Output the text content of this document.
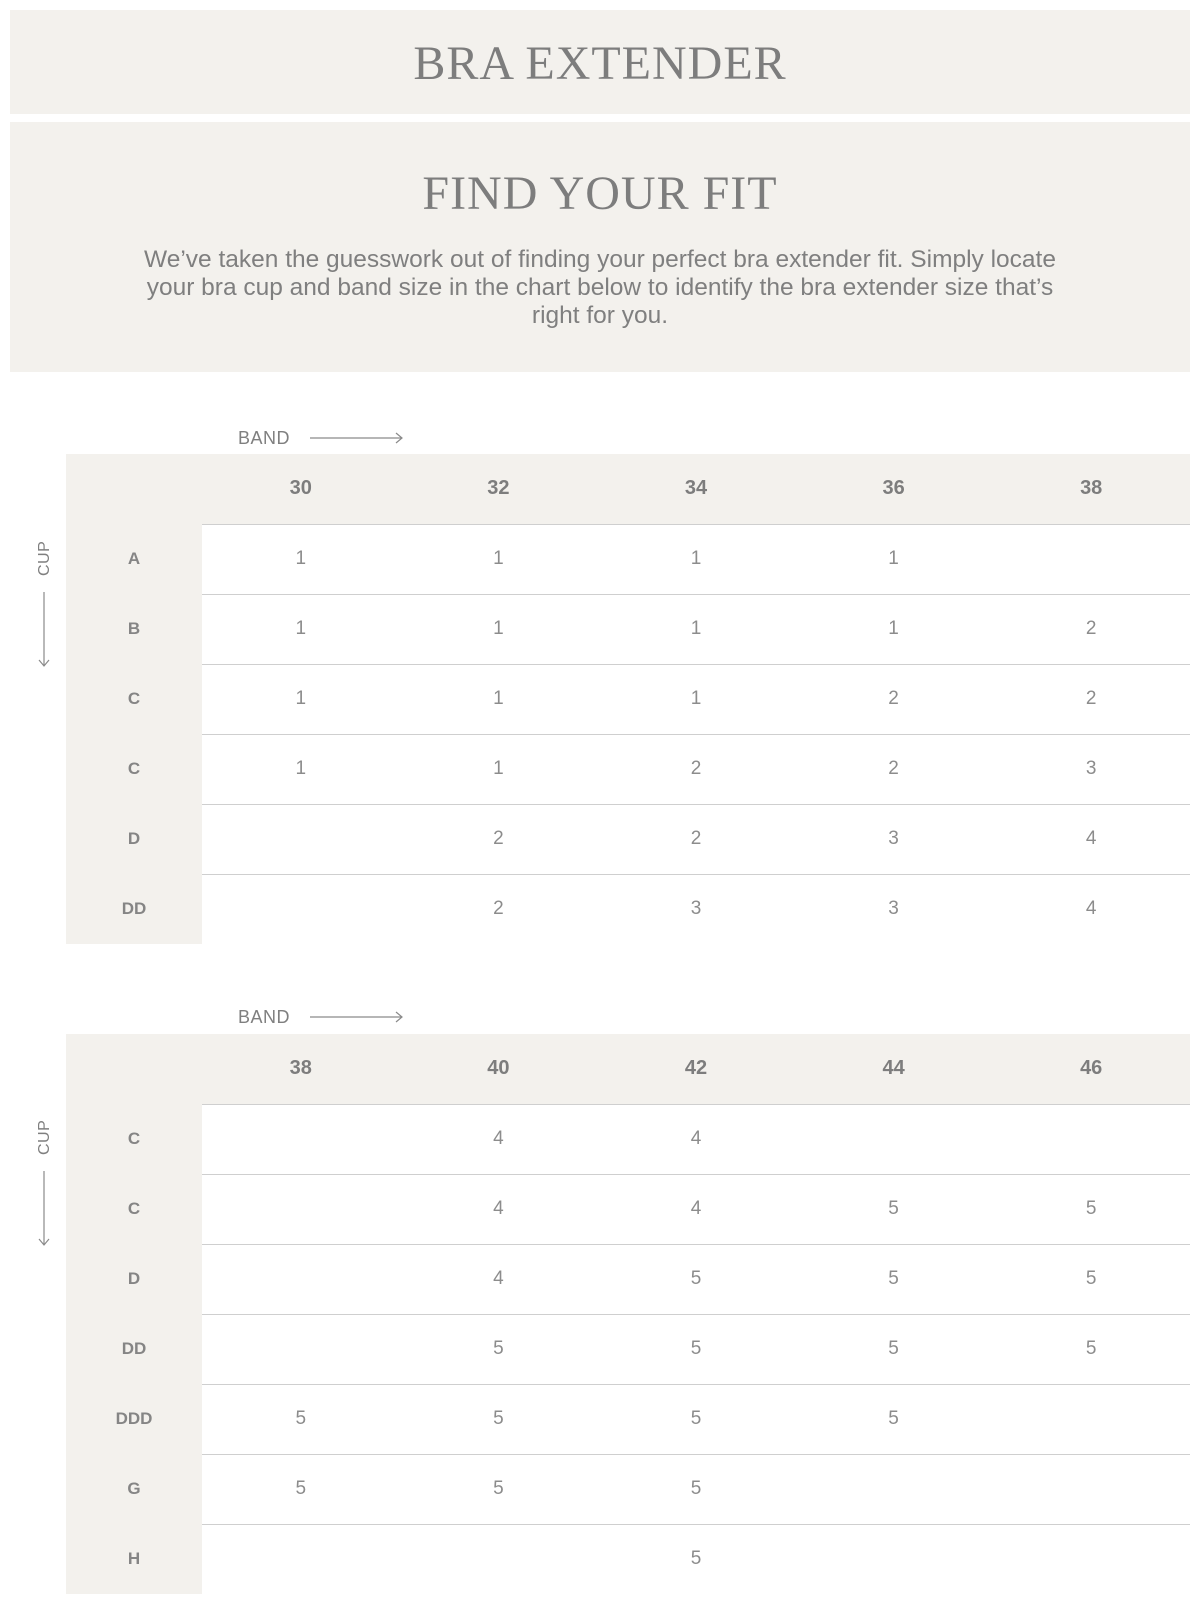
BRA EXTENDER
FIND YOUR FIT
We’ve taken the guesswork out of finding your perfect bra extender fit. Simply locate your bra cup and band size in the chart below to identify the bra extender size that’s right for you.
BAND
CUP
	30	32	34	36	38
A	1	1	1	1	
B	1	1	1	1	2
C	1	1	1	2	2
C	1	1	2	2	3
D		2	2	3	4
DD		2	3	3	4
BAND
CUP
	38	40	42	44	46
C		4	4		
C		4	4	5	5
D		4	5	5	5
DD		5	5	5	5
DDD	5	5	5	5	
G	5	5	5		
H			5		
